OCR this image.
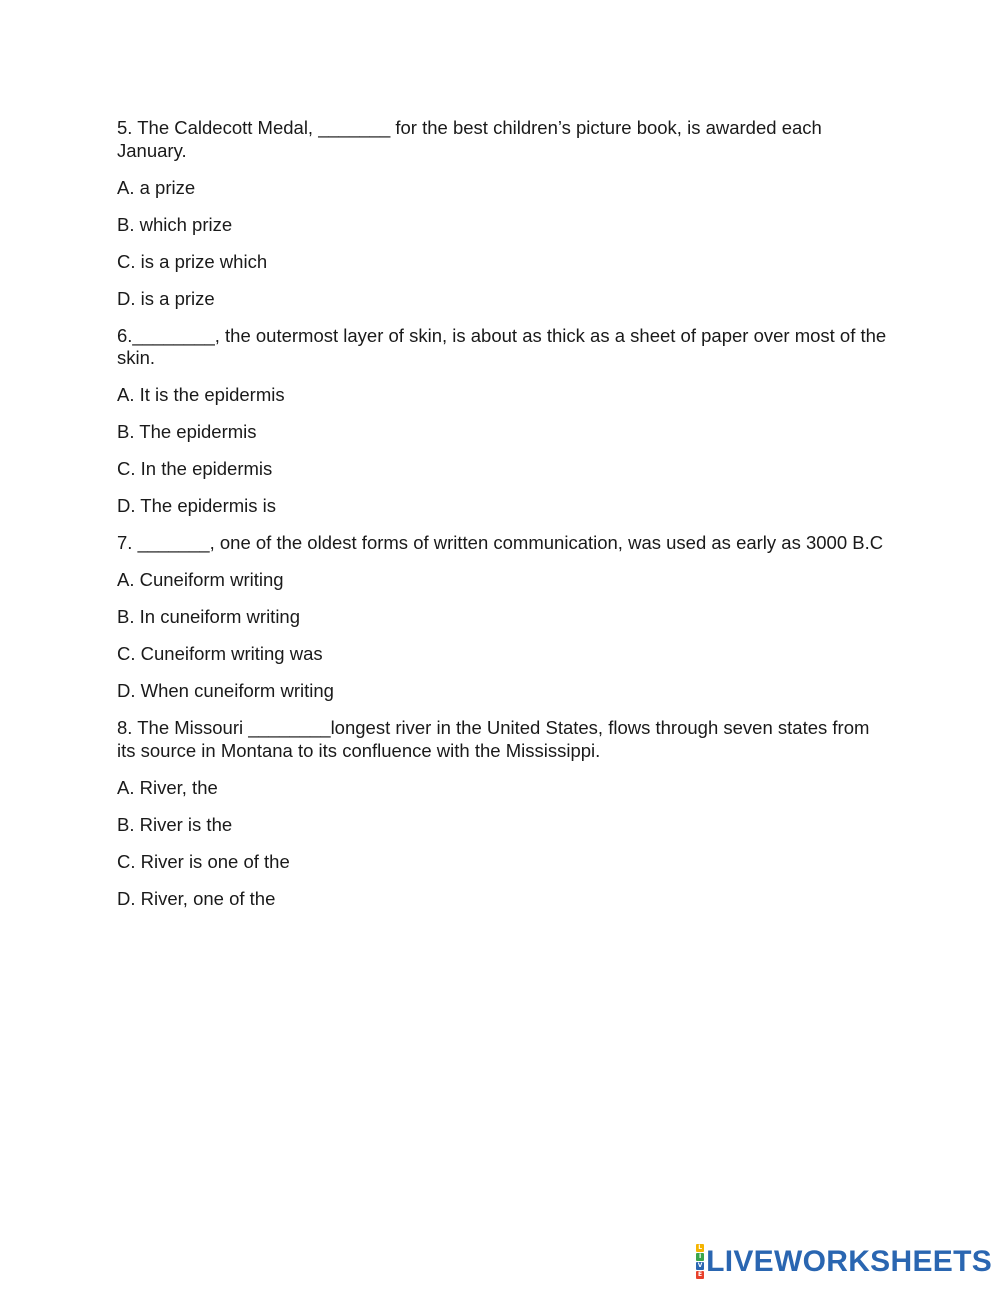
5. The Caldecott Medal, _______ for the best children’s picture book, is awarded each January.

A. a prize

B. which prize

C. is a prize which

D. is a prize

6.________, the outermost layer of skin, is about as thick as a sheet of paper over most of the skin.

A. It is the epidermis

B. The epidermis

C. In the epidermis

D. The epidermis is

7. _______, one of the oldest forms of written communication, was used as early as 3000 B.C

A. Cuneiform writing

B. In cuneiform writing

C. Cuneiform writing was

D. When cuneiform writing

8. The Missouri ________longest river in the United States, flows through seven states from its source in Montana to its confluence with the Mississippi.

A. River, the

B. River is the

C. River is one of the

D. River, one of the

L
I
V
E LIVEWORKSHEETS
